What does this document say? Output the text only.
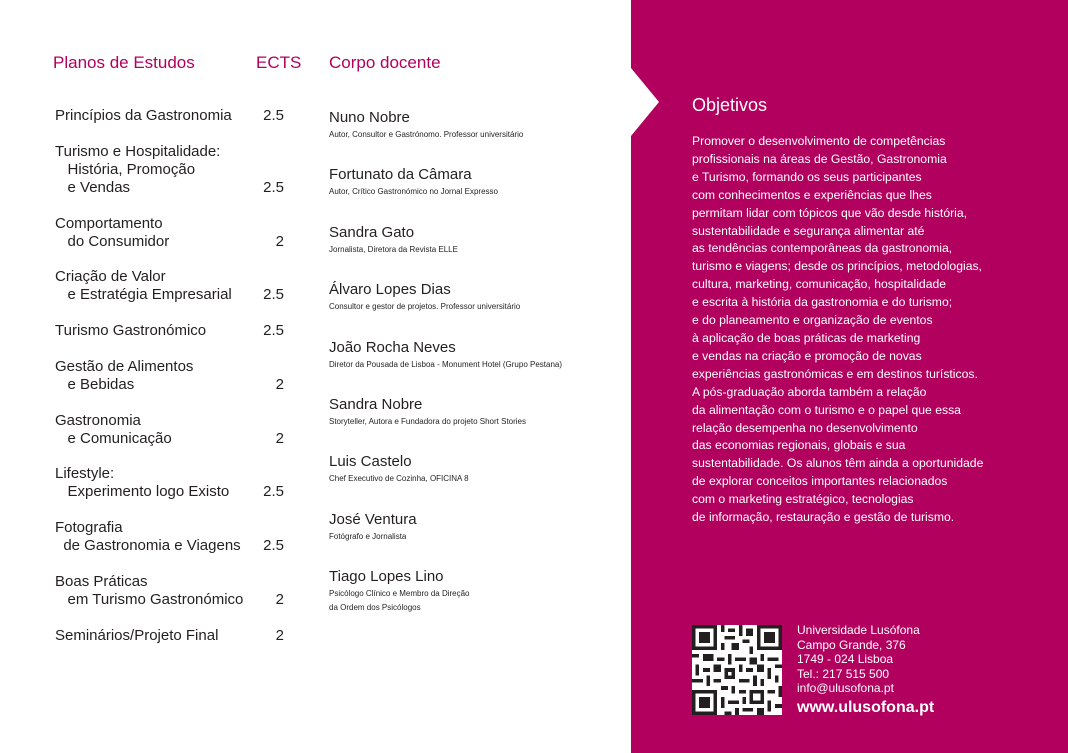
Planos de Estudos	ECTS Corpo docente
Princípios da Gastronomia	2.5
Turismo e Hospitalidade:
História, Promoção
e Vendas	2.5
Comportamento
do Consumidor	2
Criação de Valor
e Estratégia Empresarial	2.5
Turismo Gastronómico	2.5
Gestão de Alimentos
e Bebidas	2
Gastronomia
e Comunicação	2
Lifestyle:
Experimento logo Existo	2.5
Fotografia
de Gastronomia e Viagens	2.5
Boas Práticas
em Turismo Gastronómico	2
Seminários/Projeto Final	2
Nuno Nobre
Autor, Consultor e Gastrónomo. Professor universitário
Fortunato da Câmara
Autor, Crítico Gastronómico no Jornal Expresso
Sandra Gato
Jornalista, Diretora da Revista ELLE
Álvaro Lopes Dias
Consultor e gestor de projetos. Professor universitário
João Rocha Neves
Diretor da Pousada de Lisboa - Monument Hotel (Grupo Pestana)
Sandra Nobre
Storyteller, Autora e Fundadora do projeto Short Stories
Luis Castelo
Chef Executivo de Cozinha, OFICINA 8
José Ventura
Fotógrafo e Jornalista
Tiago Lopes Lino
Psicólogo Clínico e Membro da Direção
da Ordem dos Psicólogos
Objetivos
Promover o desenvolvimento de competências
profissionais na áreas de Gestão, Gastronomia
e Turismo, formando os seus participantes
com conhecimentos e experiências que lhes
permitam lidar com tópicos que vão desde história,
sustentabilidade e segurança alimentar até
as tendências contemporâneas da gastronomia,
turismo e viagens; desde os princípios, metodologias,
cultura, marketing, comunicação, hospitalidade
e escrita à história da gastronomia e do turismo;
e do planeamento e organização de eventos
à aplicação de boas práticas de marketing
e vendas na criação e promoção de novas
experiências gastronómicas e em destinos turísticos.
A pós-graduação aborda também a relação
da alimentação com o turismo e o papel que essa
relação desempenha no desenvolvimento
das economias regionais, globais e sua
sustentabilidade. Os alunos têm ainda a oportunidade
de explorar conceitos importantes relacionados
com o marketing estratégico, tecnologias
de informação, restauração e gestão de turismo.
Universidade Lusófona
Campo Grande, 376
1749 - 024 Lisboa
Tel.: 217 515 500
info@ulusofona.pt
www.ulusofona.pt
